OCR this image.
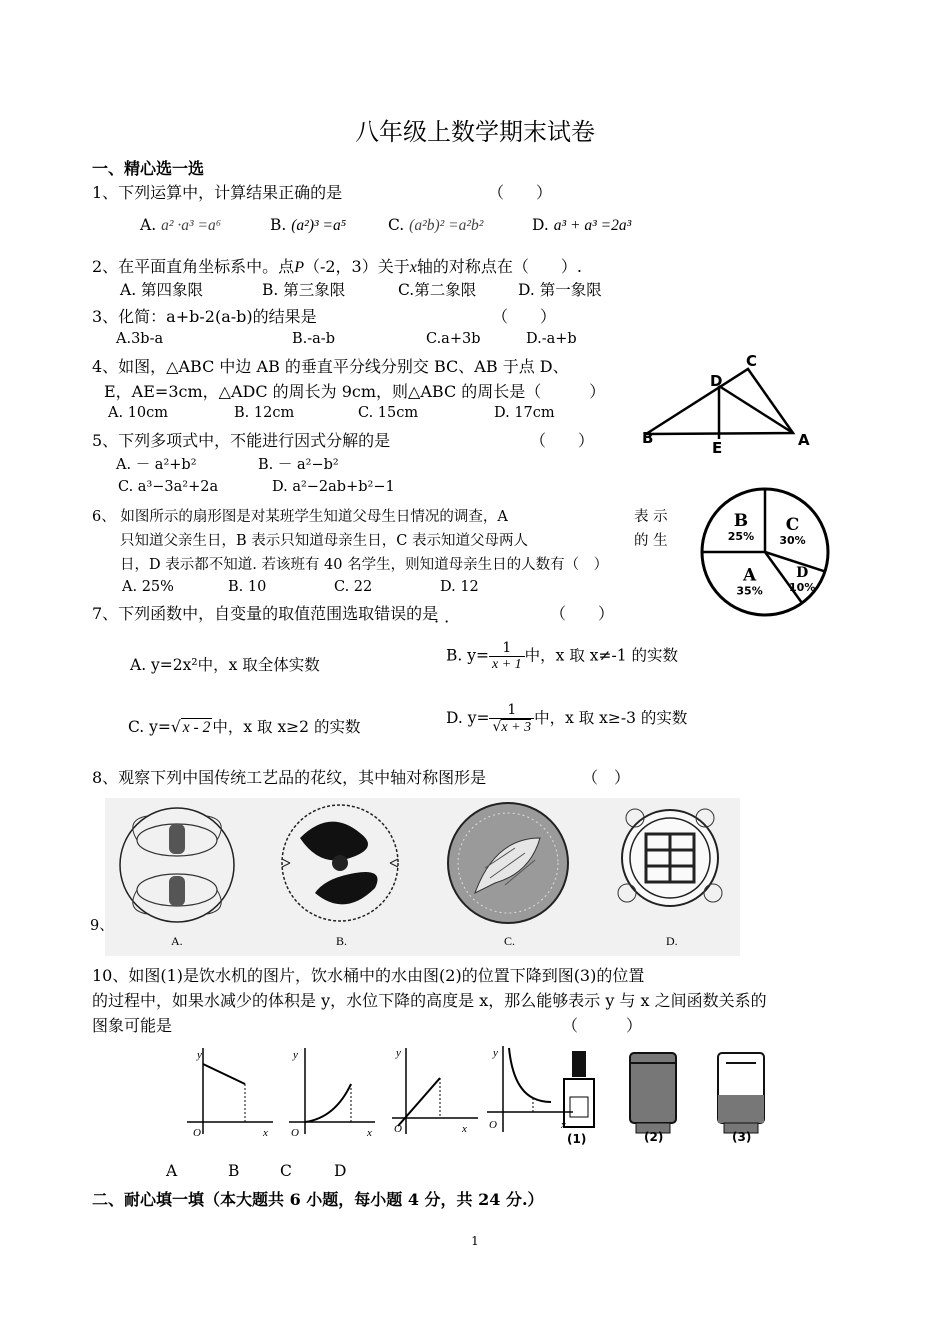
八年级上数学期末试卷
一、精心选一选
1、下列运算中，计算结果正确的是	（　　）
A. a² ·a³ =a⁶	B. (a²)³ =a⁵	C. (a²b)² =a²b²	D. a³ + a³ =2a³
2、在平面直角坐标系中。点P（-2，3）关于x轴的对称点在（　　）.
A. 第四象限	B. 第三象限	C.第二象限	D. 第一象限
3、化简：a+b-2(a-b)的结果是	（　　）
A.3b-a	B.-a-b	C.a+3b	D.-a+b
4、如图，△ABC 中边 AB 的垂直平分线分别交 BC、AB 于点 D、
E，AE=3cm，△ADC 的周长为 9cm，则△ABC 的周长是（　　　）
A. 10cm	B. 12cm	C. 15cm	D. 17cm
C
D
B
E	A
5、下列多项式中，不能进行因式分解的是	（　　）
A. － a²+b²	B. － a²−b²
C. a³−3a²+2a	D. a²−2ab+b²−1
6、 如图所示的扇形图是对某班学生知道父母生日情况的调查，A	表 示
只知道父亲生日，B 表示只知道母亲生日，C 表示知道父母两人	的 生
日，D 表示都不知道. 若该班有 40 名学生，则知道母亲生日的人数有（　）
A. 25%	B. 10	C. 22	D. 12
C
30%
D
10%
A
35%
B
25%
7、下列函数中，自变量的取值范围选取错误的是	（　　）
· ·
A. y=2x²中，x 取全体实数
B. $y= \frac{1}{x + 1}$ 中，x 取 x≠-1 的实数
C. y=√ x - 2 中，x 取 x≥2 的实数	D. $y= \frac{1}{√x + 3}$ 中，x 取 x≥-3 的实数
8、观察下列中国传统工艺品的花纹，其中轴对称图形是	（　）
A.	B.	C.	D.
9、
10、如图(1)是饮水机的图片，饮水桶中的水由图(2)的位置下降到图(3)的位置
的过程中，如果水减少的体积是 y，水位下降的高度是 x，那么能够表示 y 与 x 之间函数关系的
图象可能是	（　　　）
y
x
O
y
x
O
y
x
O
y
x
O
(1)	(2)	(3)
A	B	C	D
二、耐心填一填（本大题共 6 小题，每小题 4 分，共 24 分.）
1
